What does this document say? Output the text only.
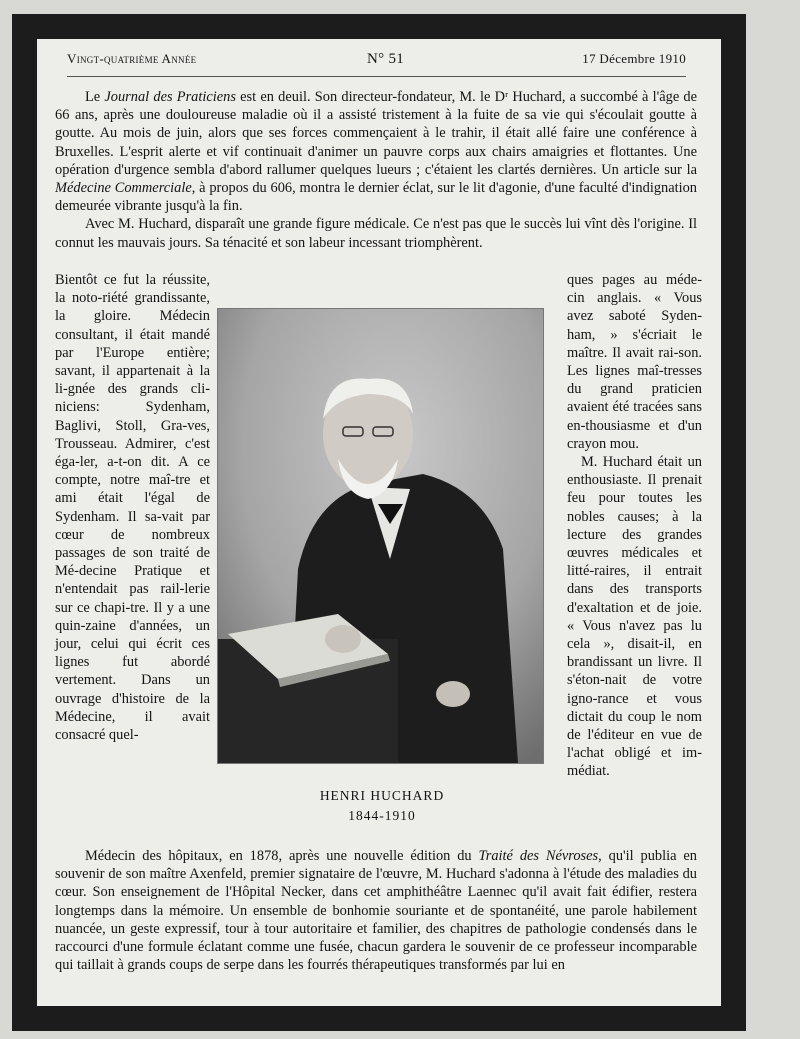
Vingt-quatrième Année	N° 51	17 Décembre 1910

Le Journal des Praticiens est en deuil. Son directeur-fondateur, M. le Dʳ Huchard, a succombé à l'âge de 66 ans, après une douloureuse maladie où il a assisté tristement à la fuite de sa vie qui s'écoulait goutte à goutte. Au mois de juin, alors que ses forces commençaient à le trahir, il était allé faire une conférence à Bruxelles. L'esprit alerte et vif continuait d'animer un pauvre corps aux chairs amaigries et flottantes. Une opération d'urgence sembla d'abord rallumer quelques lueurs ; c'étaient les clartés dernières. Un article sur la Médecine Commerciale, à propos du 606, montra le dernier éclat, sur le lit d'agonie, d'une faculté d'indignation demeurée vibrante jusqu'à la fin.

Avec M. Huchard, disparaît une grande figure médicale. Ce n'est pas que le succès lui vînt dès l'origine. Il connut les mauvais jours. Sa ténacité et son labeur incessant triomphèrent.

Bientôt ce fut la réussite, la noto-riété grandissante, la gloire. Médecin consultant, il était mandé par l'Europe entière; savant, il appartenait à la li-gnée des grands cli-niciens: Sydenham, Baglivi, Stoll, Gra-ves, Trousseau. Admirer, c'est éga-ler, a-t-on dit. A ce compte, notre maî-tre et ami était l'égal de Sydenham. Il sa-vait par cœur de nombreux passages de son traité de Mé-decine Pratique et n'entendait pas rail-lerie sur ce chapi-tre. Il y a une quin-zaine d'années, un jour, celui qui écrit ces lignes fut abordé vertement. Dans un ouvrage d'histoire de la Médecine, il avait consacré quel-

ques pages au méde-cin anglais. « Vous avez saboté Syden-ham, » s'écriait le maître. Il avait rai-son. Les lignes maî-tresses du grand praticien avaient été tracées sans en-thousiasme et d'un crayon mou.

M. Huchard était un enthousiaste. Il prenait feu pour toutes les nobles causes; à la lecture des grandes œuvres médicales et litté-raires, il entrait dans des transports d'exaltation et de joie. « Vous n'avez pas lu cela », disait-il, en brandissant un livre. Il s'éton-nait de votre igno-rance et vous dictait du coup le nom de l'éditeur en vue de l'achat obligé et im-médiat.

HENRI HUCHARD
1844-1910

Médecin des hôpitaux, en 1878, après une nouvelle édition du Traité des Névroses, qu'il publia en souvenir de son maître Axenfeld, premier signataire de l'œuvre, M. Huchard s'adonna à l'étude des maladies du cœur. Son enseignement de l'Hôpital Necker, dans cet amphithéâtre Laennec qu'il avait fait édifier, restera longtemps dans la mémoire. Un ensemble de bonhomie souriante et de spontanéité, une parole habilement nuancée, un geste expressif, tour à tour autoritaire et familier, des chapitres de pathologie condensés dans le raccourci d'une formule éclatant comme une fusée, chacun gardera le souvenir de ce professeur incomparable qui taillait à grands coups de serpe dans les fourrés thérapeutiques transformés par lui en
